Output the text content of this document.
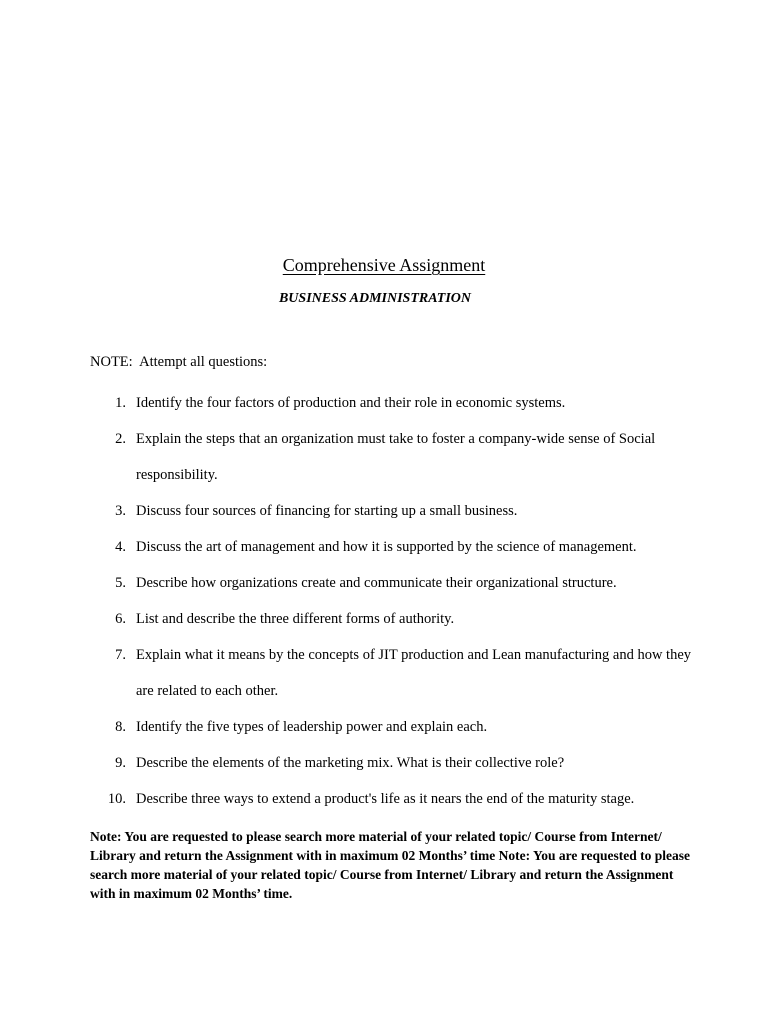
Comprehensive Assignment
BUSINESS ADMINISTRATION
NOTE:  Attempt all questions:
1. Identify the four factors of production and their role in economic systems.
2. Explain the steps that an organization must take to foster a company-wide sense of Social responsibility.
3. Discuss four sources of financing for starting up a small business.
4. Discuss the art of management and how it is supported by the science of management.
5. Describe how organizations create and communicate their organizational structure.
6. List and describe the three different forms of authority.
7. Explain what it means by the concepts of JIT production and Lean manufacturing and how they are related to each other.
8. Identify the five types of leadership power and explain each.
9. Describe the elements of the marketing mix. What is their collective role?
10. Describe three ways to extend a product's life as it nears the end of the maturity stage.
Note: You are requested to please search more material of your related topic/ Course from Internet/ Library and return the Assignment with in maximum 02 Months’ time Note: You are requested to please search more material of your related topic/ Course from Internet/ Library and return the Assignment with in maximum 02 Months’ time.
